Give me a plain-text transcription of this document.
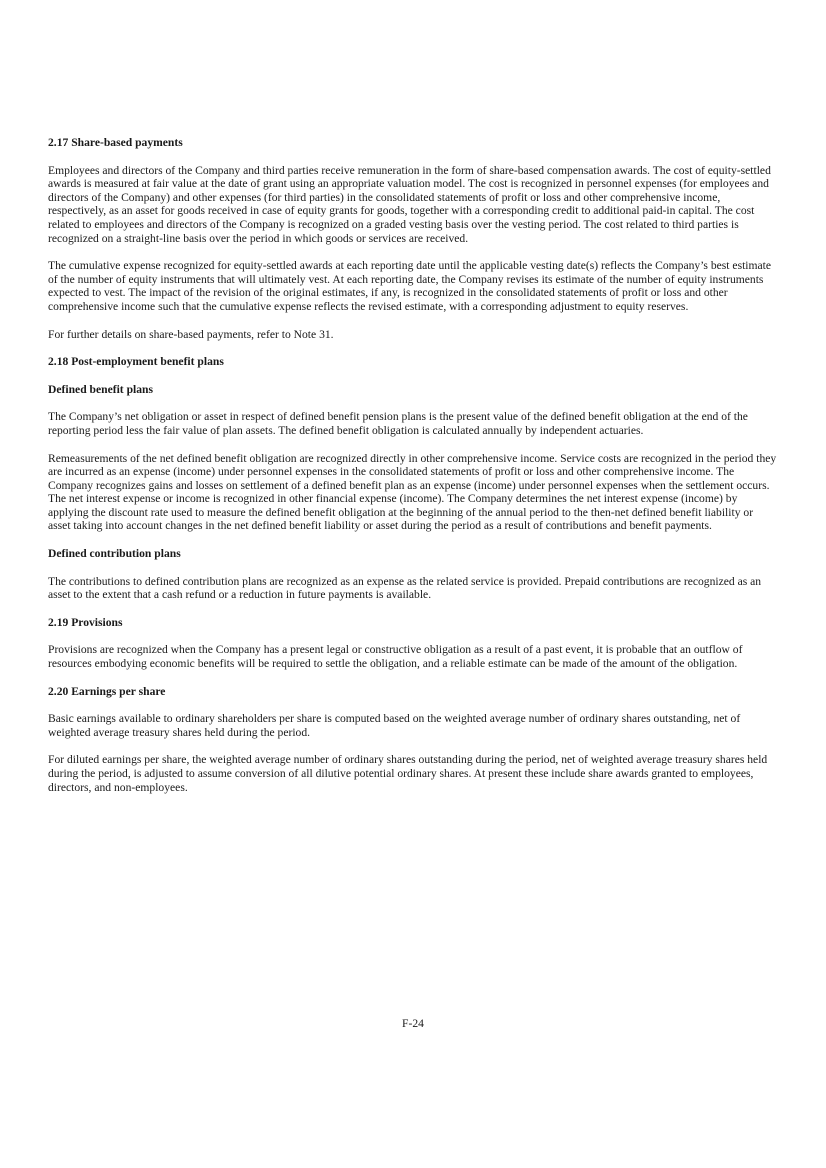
2.17 Share-based payments
Employees and directors of the Company and third parties receive remuneration in the form of share-based compensation awards. The cost of equity-settled awards is measured at fair value at the date of grant using an appropriate valuation model. The cost is recognized in personnel expenses (for employees and directors of the Company) and other expenses (for third parties) in the consolidated statements of profit or loss and other comprehensive income, respectively, as an asset for goods received in case of equity grants for goods, together with a corresponding credit to additional paid-in capital. The cost related to employees and directors of the Company is recognized on a graded vesting basis over the vesting period. The cost related to third parties is recognized on a straight-line basis over the period in which goods or services are received.
The cumulative expense recognized for equity-settled awards at each reporting date until the applicable vesting date(s) reflects the Company’s best estimate of the number of equity instruments that will ultimately vest. At each reporting date, the Company revises its estimate of the number of equity instruments expected to vest. The impact of the revision of the original estimates, if any, is recognized in the consolidated statements of profit or loss and other comprehensive income such that the cumulative expense reflects the revised estimate, with a corresponding adjustment to equity reserves.
For further details on share-based payments, refer to Note 31.
2.18 Post-employment benefit plans
Defined benefit plans
The Company’s net obligation or asset in respect of defined benefit pension plans is the present value of the defined benefit obligation at the end of the reporting period less the fair value of plan assets. The defined benefit obligation is calculated annually by independent actuaries.
Remeasurements of the net defined benefit obligation are recognized directly in other comprehensive income. Service costs are recognized in the period they are incurred as an expense (income) under personnel expenses in the consolidated statements of profit or loss and other comprehensive income. The Company recognizes gains and losses on settlement of a defined benefit plan as an expense (income) under personnel expenses when the settlement occurs. The net interest expense or income is recognized in other financial expense (income). The Company determines the net interest expense (income) by applying the discount rate used to measure the defined benefit obligation at the beginning of the annual period to the then-net defined benefit liability or asset taking into account changes in the net defined benefit liability or asset during the period as a result of contributions and benefit payments.
Defined contribution plans
The contributions to defined contribution plans are recognized as an expense as the related service is provided. Prepaid contributions are recognized as an asset to the extent that a cash refund or a reduction in future payments is available.
2.19 Provisions
Provisions are recognized when the Company has a present legal or constructive obligation as a result of a past event, it is probable that an outflow of resources embodying economic benefits will be required to settle the obligation, and a reliable estimate can be made of the amount of the obligation.
2.20 Earnings per share
Basic earnings available to ordinary shareholders per share is computed based on the weighted average number of ordinary shares outstanding, net of weighted average treasury shares held during the period.
For diluted earnings per share, the weighted average number of ordinary shares outstanding during the period, net of weighted average treasury shares held during the period, is adjusted to assume conversion of all dilutive potential ordinary shares. At present these include share awards granted to employees, directors, and non-employees.
F-24
